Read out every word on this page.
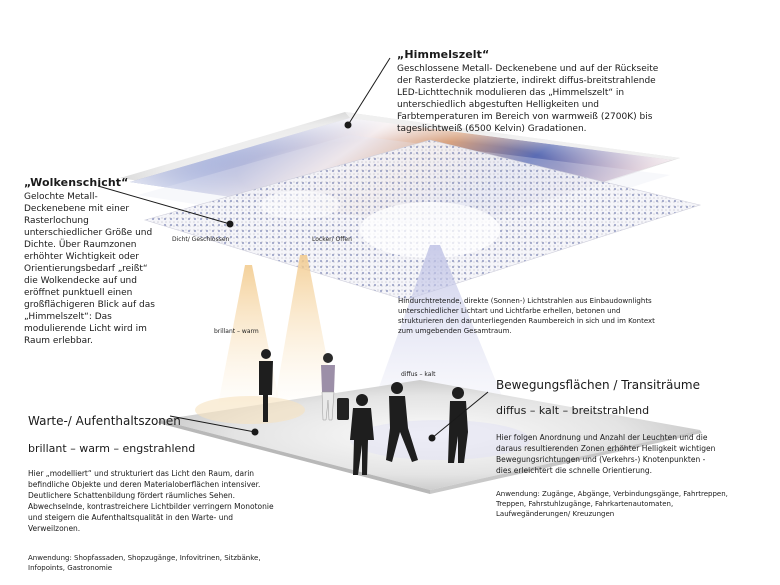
„Himmelszelt“
Geschlossene Metall- Deckenebene und auf der Rückseite
der Rasterdecke platzierte, indirekt diffus-breitstrahlende
LED-Lichttechnik modulieren das „Himmelszelt“ in
unterschiedlich abgestuften Helligkeiten und
Farbtemperaturen im Bereich von warmweiß (2700K) bis
tageslichtweiß (6500 Kelvin) Gradationen.
„Wolkenschicht“
Gelochte Metall-
Deckenebene mit einer
Rasterlochung
unterschiedlicher Größe und
Dichte. Über Raumzonen
erhöhter Wichtigkeit oder
Orientierungsbedarf „reißt“
die Wolkendecke auf und
eröffnet punktuell einen
großflächigeren Blick auf das
„Himmelszelt“: Das
modulierende Licht wird im
Raum erlebbar.
Dicht/ Geschlossen	Locker/ Offen
Hindurchtretende, direkte (Sonnen-) Lichtstrahlen aus Einbaudownlights
unterschiedlicher Lichtart und Lichtfarbe erhellen, betonen und
strukturieren den darunterliegenden Raumbereich in sich und im Kontext
zum umgebenden Gesamtraum.
brillant – warm
diffus – kalt
Warte-/ Aufenthaltszonen
brillant – warm – engstrahlend
Hier „modelliert“ und strukturiert das Licht den Raum, darin
befindliche Objekte und deren Materialoberflächen intensiver.
Deutlichere Schattenbildung fördert räumliches Sehen.
Abwechselnde, kontrastreichere Lichtbilder verringern Monotonie
und steigern die Aufenthaltsqualität in den Warte- und
Verweilzonen.
Anwendung: Shopfassaden, Shopzugänge, Infovitrinen, Sitzbänke,
Infopoints, Gastronomie
Bewegungsflächen / Transiträume
diffus – kalt – breitstrahlend
Hier folgen Anordnung und Anzahl der Leuchten und die
daraus resultierenden Zonen erhöhter Helligkeit wichtigen
Bewegungsrichtungen und (Verkehrs-) Knotenpunkten -
dies erleichtert die schnelle Orientierung.
Anwendung: Zugänge, Abgänge, Verbindungsgänge, Fahrtreppen,
Treppen, Fahrstuhlzugänge, Fahrkartenautomaten,
Laufwegänderungen/ Kreuzungen
